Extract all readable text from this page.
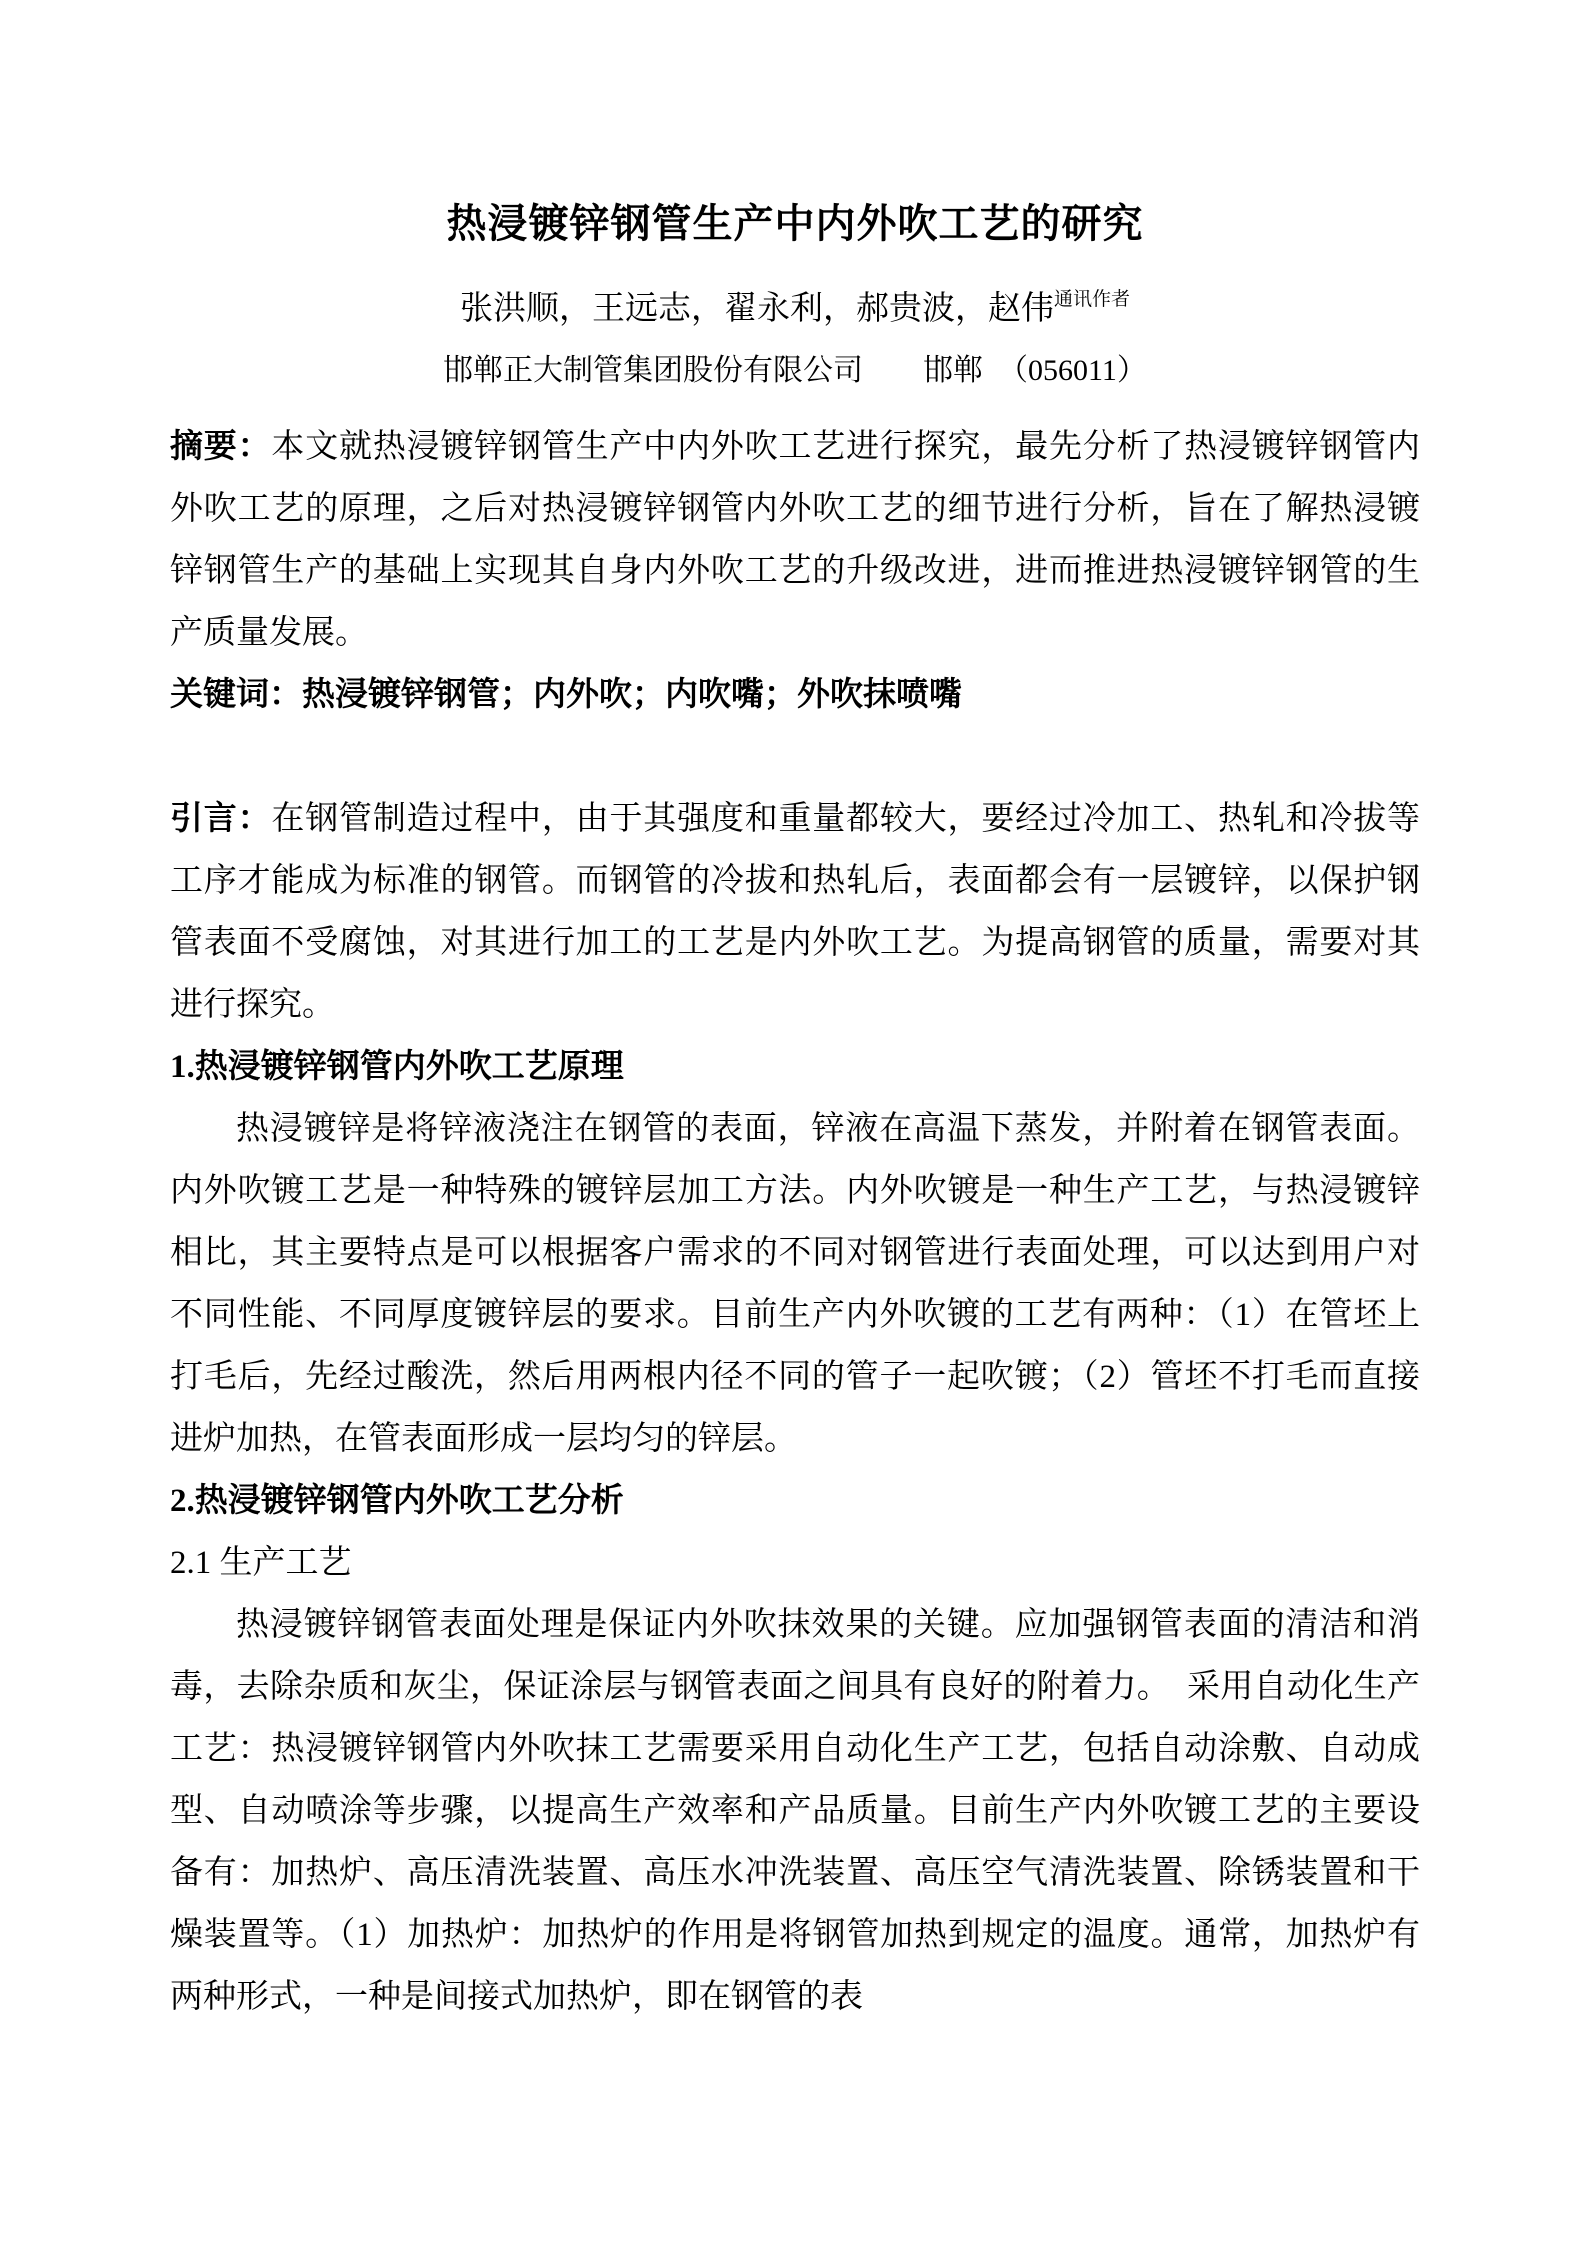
热浸镀锌钢管生产中内外吹工艺的研究
张洪顺，王远志，翟永利，郝贵波，赵伟$^{通讯作者}$
邯郸正大制管集团股份有限公司　　邯郸　（056011）

摘要：本文就热浸镀锌钢管生产中内外吹工艺进行探究，最先分析了热浸镀锌钢管内外吹工艺的原理，之后对热浸镀锌钢管内外吹工艺的细节进行分析，旨在了解热浸镀锌钢管生产的基础上实现其自身内外吹工艺的升级改进，进而推进热浸镀锌钢管的生产质量发展。

关键词：热浸镀锌钢管；内外吹；内吹嘴；外吹抹喷嘴

引言：在钢管制造过程中，由于其强度和重量都较大，要经过冷加工、热轧和冷拔等工序才能成为标准的钢管。而钢管的冷拔和热轧后，表面都会有一层镀锌，以保护钢管表面不受腐蚀，对其进行加工的工艺是内外吹工艺。为提高钢管的质量，需要对其进行探究。

1.热浸镀锌钢管内外吹工艺原理

热浸镀锌是将锌液浇注在钢管的表面，锌液在高温下蒸发，并附着在钢管表面。内外吹镀工艺是一种特殊的镀锌层加工方法。内外吹镀是一种生产工艺，与热浸镀锌相比，其主要特点是可以根据客户需求的不同对钢管进行表面处理，可以达到用户对不同性能、不同厚度镀锌层的要求。目前生产内外吹镀的工艺有两种：（1）在管坯上打毛后，先经过酸洗，然后用两根内径不同的管子一起吹镀；（2）管坯不打毛而直接进炉加热，在管表面形成一层均匀的锌层。

2.热浸镀锌钢管内外吹工艺分析
2.1 生产工艺

热浸镀锌钢管表面处理是保证内外吹抹效果的关键。应加强钢管表面的清洁和消毒，去除杂质和灰尘，保证涂层与钢管表面之间具有良好的附着力。　采用自动化生产工艺：热浸镀锌钢管内外吹抹工艺需要采用自动化生产工艺，包括自动涂敷、自动成型、自动喷涂等步骤，以提高生产效率和产品质量。目前生产内外吹镀工艺的主要设备有：加热炉、高压清洗装置、高压水冲洗装置、高压空气清洗装置、除锈装置和干燥装置等。（1）加热炉：加热炉的作用是将钢管加热到规定的温度。通常，加热炉有两种形式，一种是间接式加热炉，即在钢管的表
